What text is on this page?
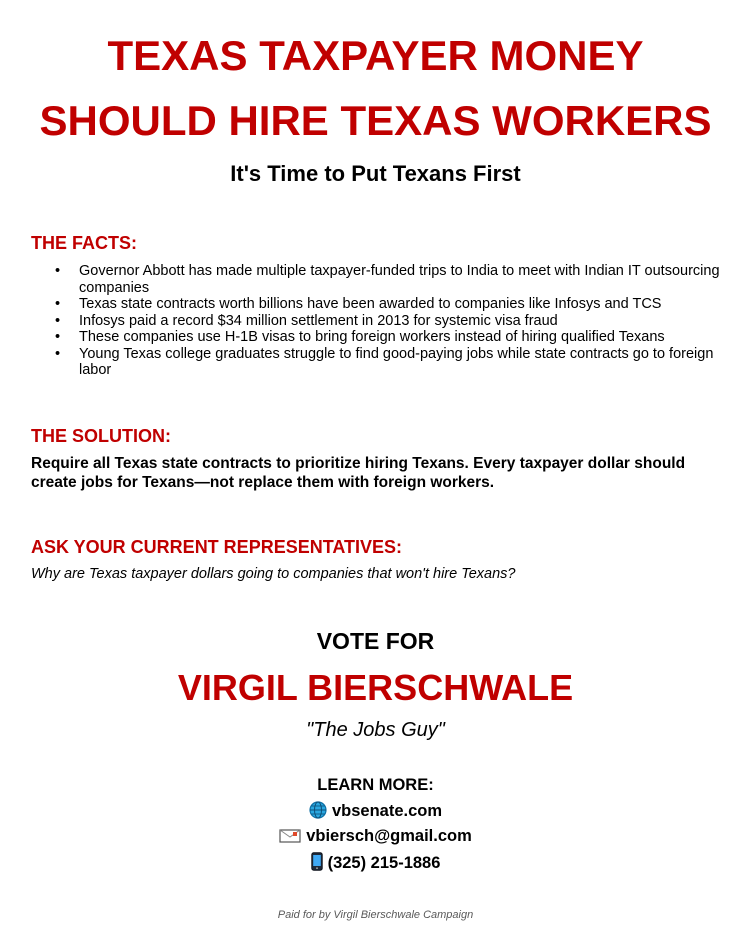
TEXAS TAXPAYER MONEY
SHOULD HIRE TEXAS WORKERS
It's Time to Put Texans First
THE FACTS:
• Governor Abbott has made multiple taxpayer-funded trips to India to meet with Indian IT outsourcing companies
• Texas state contracts worth billions have been awarded to companies like Infosys and TCS
• Infosys paid a record $34 million settlement in 2013 for systemic visa fraud
• These companies use H-1B visas to bring foreign workers instead of hiring qualified Texans
• Young Texas college graduates struggle to find good-paying jobs while state contracts go to foreign labor
THE SOLUTION:
Require all Texas state contracts to prioritize hiring Texans. Every taxpayer dollar should create jobs for Texans—not replace them with foreign workers.
ASK YOUR CURRENT REPRESENTATIVES:
Why are Texas taxpayer dollars going to companies that won't hire Texans?
VOTE FOR
VIRGIL BIERSCHWALE
"The Jobs Guy"
LEARN MORE:
vbsenate.com
vbiersch@gmail.com
(325) 215-1886
Paid for by Virgil Bierschwale Campaign
